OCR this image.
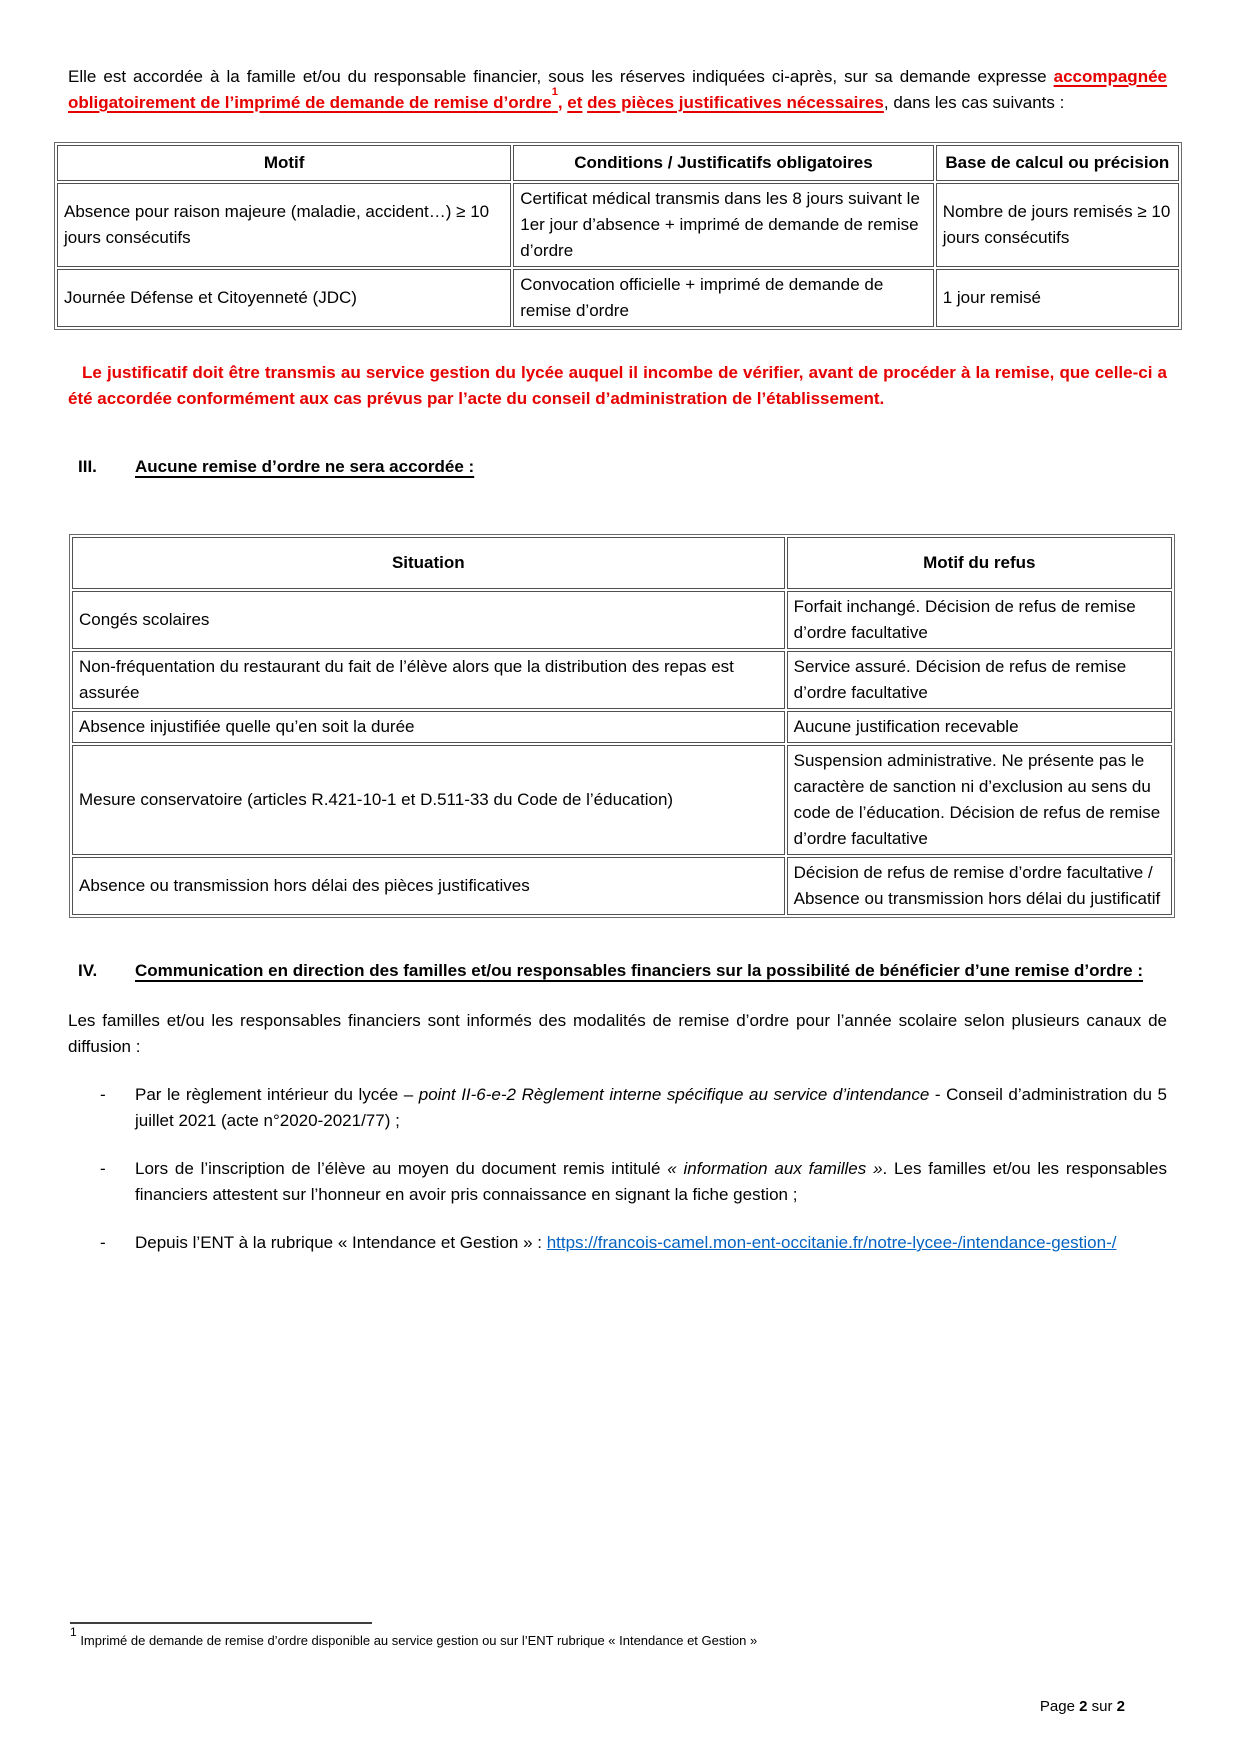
Elle est accordée à la famille et/ou du responsable financier, sous les réserves indiquées ci-après, sur sa demande expresse accompagnée obligatoirement de l’imprimé de demande de remise d’ordre$^1$, et des pièces justificatives nécessaires, dans les cas suivants :

Motif	Conditions / Justificatifs obligatoires	Base de calcul ou précision
Absence pour raison majeure (maladie, accident…) ≥ 10 jours consécutifs	Certificat médical transmis dans les 8 jours suivant le 1er jour d’absence + imprimé de demande de remise d’ordre	Nombre de jours remisés ≥ 10 jours consécutifs
Journée Défense et Citoyenneté (JDC)	Convocation officielle + imprimé de demande de remise d’ordre	1 jour remisé

Le justificatif doit être transmis au service gestion du lycée auquel il incombe de vérifier, avant de procéder à la remise, que celle-ci a été accordée conformément aux cas prévus par l’acte du conseil d’administration de l’établissement.

III.	Aucune remise d’ordre ne sera accordée :
Situation	Motif du refus
Congés scolaires	Forfait inchangé. Décision de refus de remise d’ordre facultative
Non-fréquentation du restaurant du fait de l’élève alors que la distribution des repas est assurée	Service assuré. Décision de refus de remise d’ordre facultative
Absence injustifiée quelle qu’en soit la durée	Aucune justification recevable
Mesure conservatoire (articles R.421-10-1 et D.511-33 du Code de l’éducation)	Suspension administrative. Ne présente pas le caractère de sanction ni d’exclusion au sens du code de l’éducation. Décision de refus de remise d’ordre facultative
Absence ou transmission hors délai des pièces justificatives	Décision de refus de remise d’ordre facultative / Absence ou transmission hors délai du justificatif
IV.	Communication en direction des familles et/ou responsables financiers sur la possibilité de bénéficier d’une remise d’ordre :

Les familles et/ou les responsables financiers sont informés des modalités de remise d’ordre pour l’année scolaire selon plusieurs canaux de diffusion :

-	Par le règlement intérieur du lycée – point II-6-e-2 Règlement interne spécifique au service d’intendance - Conseil d’administration du 5 juillet 2021 (acte n°2020-2021/77) ;
-	Lors de l’inscription de l’élève au moyen du document remis intitulé « information aux familles ». Les familles et/ou les responsables financiers attestent sur l’honneur en avoir pris connaissance en signant la fiche gestion ;
-	Depuis l’ENT à la rubrique « Intendance et Gestion » : https://francois-camel.mon-ent-occitanie.fr/notre-lycee-/intendance-gestion-/
$^1$ Imprimé de demande de remise d’ordre disponible au service gestion ou sur l’ENT rubrique « Intendance et Gestion »
Page 2 sur 2
